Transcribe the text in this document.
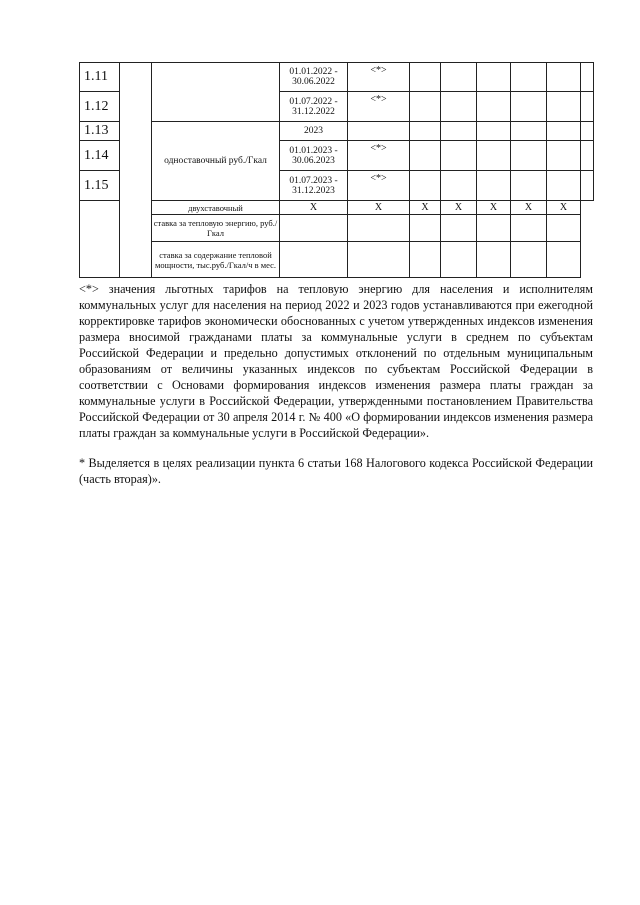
1.11			01.01.2022 - 30.06.2022	<*>						
1.12			01.07.2022 - 31.12.2022	<*>						
1.13		одноставочный руб./Гкал	2023							
1.14			01.01.2023 - 30.06.2023	<*>						
1.15			01.07.2023 - 31.12.2023	<*>						
		двухставочный	X	X	X	X	X	X	X	
		ставка за тепловую энергию, руб./Гкал								
		ставка за содержание тепловой мощности, тыс.руб./Гкал/ч в мес.								

<*> значения льготных тарифов на тепловую энергию для населения и исполнителям коммунальных услуг для населения на период 2022 и 2023 годов устанавливаются при ежегодной корректировке тарифов экономически обоснованных с учетом утвержденных индексов изменения размера вносимой гражданами платы за коммунальные услуги в среднем по субъектам Российской Федерации и предельно допустимых отклонений по отдельным муниципальным образованиям от величины указанных индексов по субъектам Российской Федерации в соответствии с Основами формирования индексов изменения размера платы граждан за коммунальные услуги в Российской Федерации, утвержденными постановлением Правительства Российской Федерации от 30 апреля 2014 г. № 400 «О формировании индексов изменения размера платы граждан за коммунальные услуги в Российской Федерации».

* Выделяется в целях реализации пункта 6 статьи 168 Налогового кодекса Российской Федерации (часть вторая)».
